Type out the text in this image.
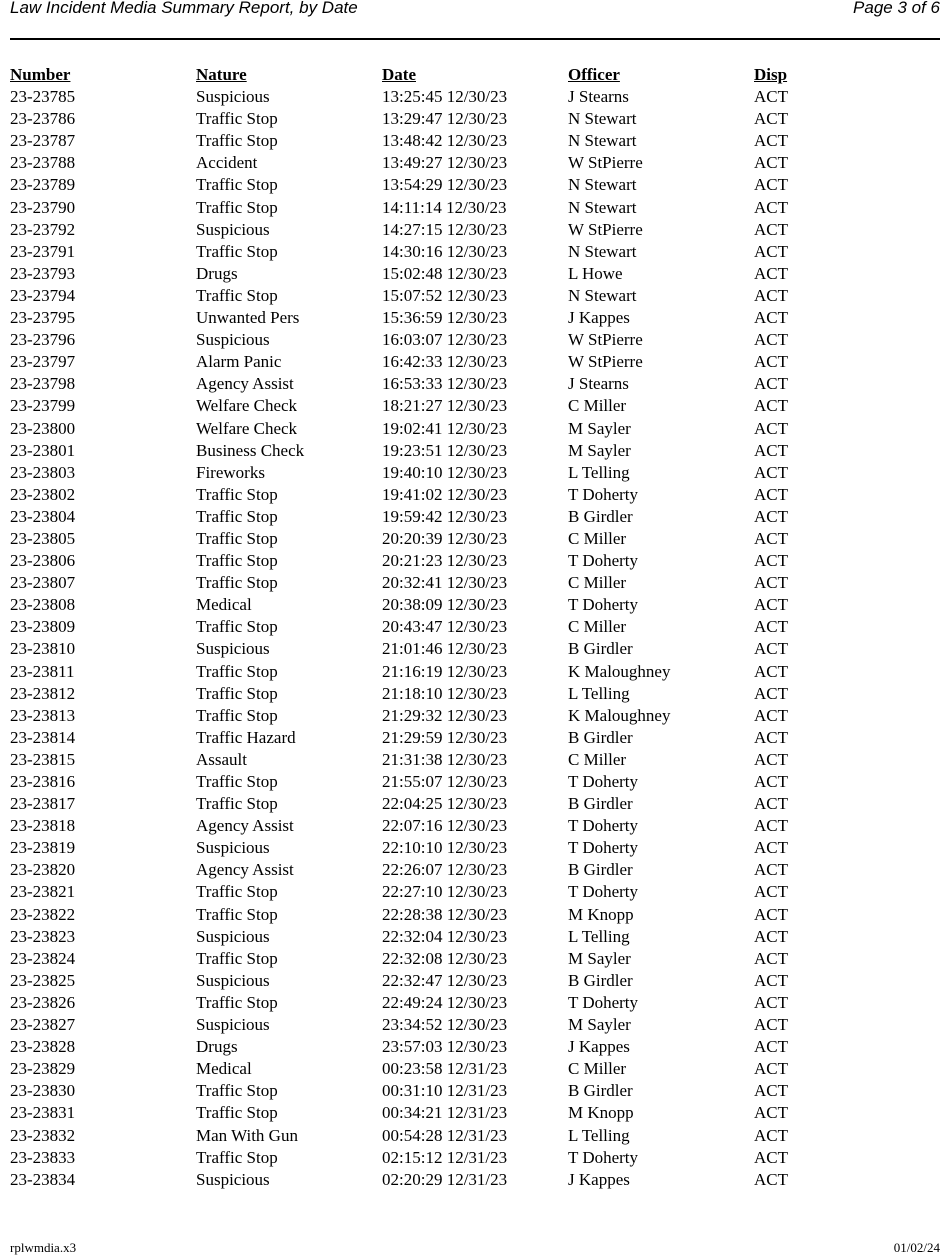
Law Incident Media Summary Report, by Date	Page 3 of 6
Number	Nature	Date	Officer	Disp
23-23785	Suspicious	13:25:45 12/30/23	J Stearns	ACT
23-23786	Traffic Stop	13:29:47 12/30/23	N Stewart	ACT
23-23787	Traffic Stop	13:48:42 12/30/23	N Stewart	ACT
23-23788	Accident	13:49:27 12/30/23	W StPierre	ACT
23-23789	Traffic Stop	13:54:29 12/30/23	N Stewart	ACT
23-23790	Traffic Stop	14:11:14 12/30/23	N Stewart	ACT
23-23792	Suspicious	14:27:15 12/30/23	W StPierre	ACT
23-23791	Traffic Stop	14:30:16 12/30/23	N Stewart	ACT
23-23793	Drugs	15:02:48 12/30/23	L Howe	ACT
23-23794	Traffic Stop	15:07:52 12/30/23	N Stewart	ACT
23-23795	Unwanted Pers	15:36:59 12/30/23	J Kappes	ACT
23-23796	Suspicious	16:03:07 12/30/23	W StPierre	ACT
23-23797	Alarm Panic	16:42:33 12/30/23	W StPierre	ACT
23-23798	Agency Assist	16:53:33 12/30/23	J Stearns	ACT
23-23799	Welfare Check	18:21:27 12/30/23	C Miller	ACT
23-23800	Welfare Check	19:02:41 12/30/23	M Sayler	ACT
23-23801	Business Check	19:23:51 12/30/23	M Sayler	ACT
23-23803	Fireworks	19:40:10 12/30/23	L Telling	ACT
23-23802	Traffic Stop	19:41:02 12/30/23	T Doherty	ACT
23-23804	Traffic Stop	19:59:42 12/30/23	B Girdler	ACT
23-23805	Traffic Stop	20:20:39 12/30/23	C Miller	ACT
23-23806	Traffic Stop	20:21:23 12/30/23	T Doherty	ACT
23-23807	Traffic Stop	20:32:41 12/30/23	C Miller	ACT
23-23808	Medical	20:38:09 12/30/23	T Doherty	ACT
23-23809	Traffic Stop	20:43:47 12/30/23	C Miller	ACT
23-23810	Suspicious	21:01:46 12/30/23	B Girdler	ACT
23-23811	Traffic Stop	21:16:19 12/30/23	K Maloughney	ACT
23-23812	Traffic Stop	21:18:10 12/30/23	L Telling	ACT
23-23813	Traffic Stop	21:29:32 12/30/23	K Maloughney	ACT
23-23814	Traffic Hazard	21:29:59 12/30/23	B Girdler	ACT
23-23815	Assault	21:31:38 12/30/23	C Miller	ACT
23-23816	Traffic Stop	21:55:07 12/30/23	T Doherty	ACT
23-23817	Traffic Stop	22:04:25 12/30/23	B Girdler	ACT
23-23818	Agency Assist	22:07:16 12/30/23	T Doherty	ACT
23-23819	Suspicious	22:10:10 12/30/23	T Doherty	ACT
23-23820	Agency Assist	22:26:07 12/30/23	B Girdler	ACT
23-23821	Traffic Stop	22:27:10 12/30/23	T Doherty	ACT
23-23822	Traffic Stop	22:28:38 12/30/23	M Knopp	ACT
23-23823	Suspicious	22:32:04 12/30/23	L Telling	ACT
23-23824	Traffic Stop	22:32:08 12/30/23	M Sayler	ACT
23-23825	Suspicious	22:32:47 12/30/23	B Girdler	ACT
23-23826	Traffic Stop	22:49:24 12/30/23	T Doherty	ACT
23-23827	Suspicious	23:34:52 12/30/23	M Sayler	ACT
23-23828	Drugs	23:57:03 12/30/23	J Kappes	ACT
23-23829	Medical	00:23:58 12/31/23	C Miller	ACT
23-23830	Traffic Stop	00:31:10 12/31/23	B Girdler	ACT
23-23831	Traffic Stop	00:34:21 12/31/23	M Knopp	ACT
23-23832	Man With Gun	00:54:28 12/31/23	L Telling	ACT
23-23833	Traffic Stop	02:15:12 12/31/23	T Doherty	ACT
23-23834	Suspicious	02:20:29 12/31/23	J Kappes	ACT
rplwmdia.x3	01/02/24
